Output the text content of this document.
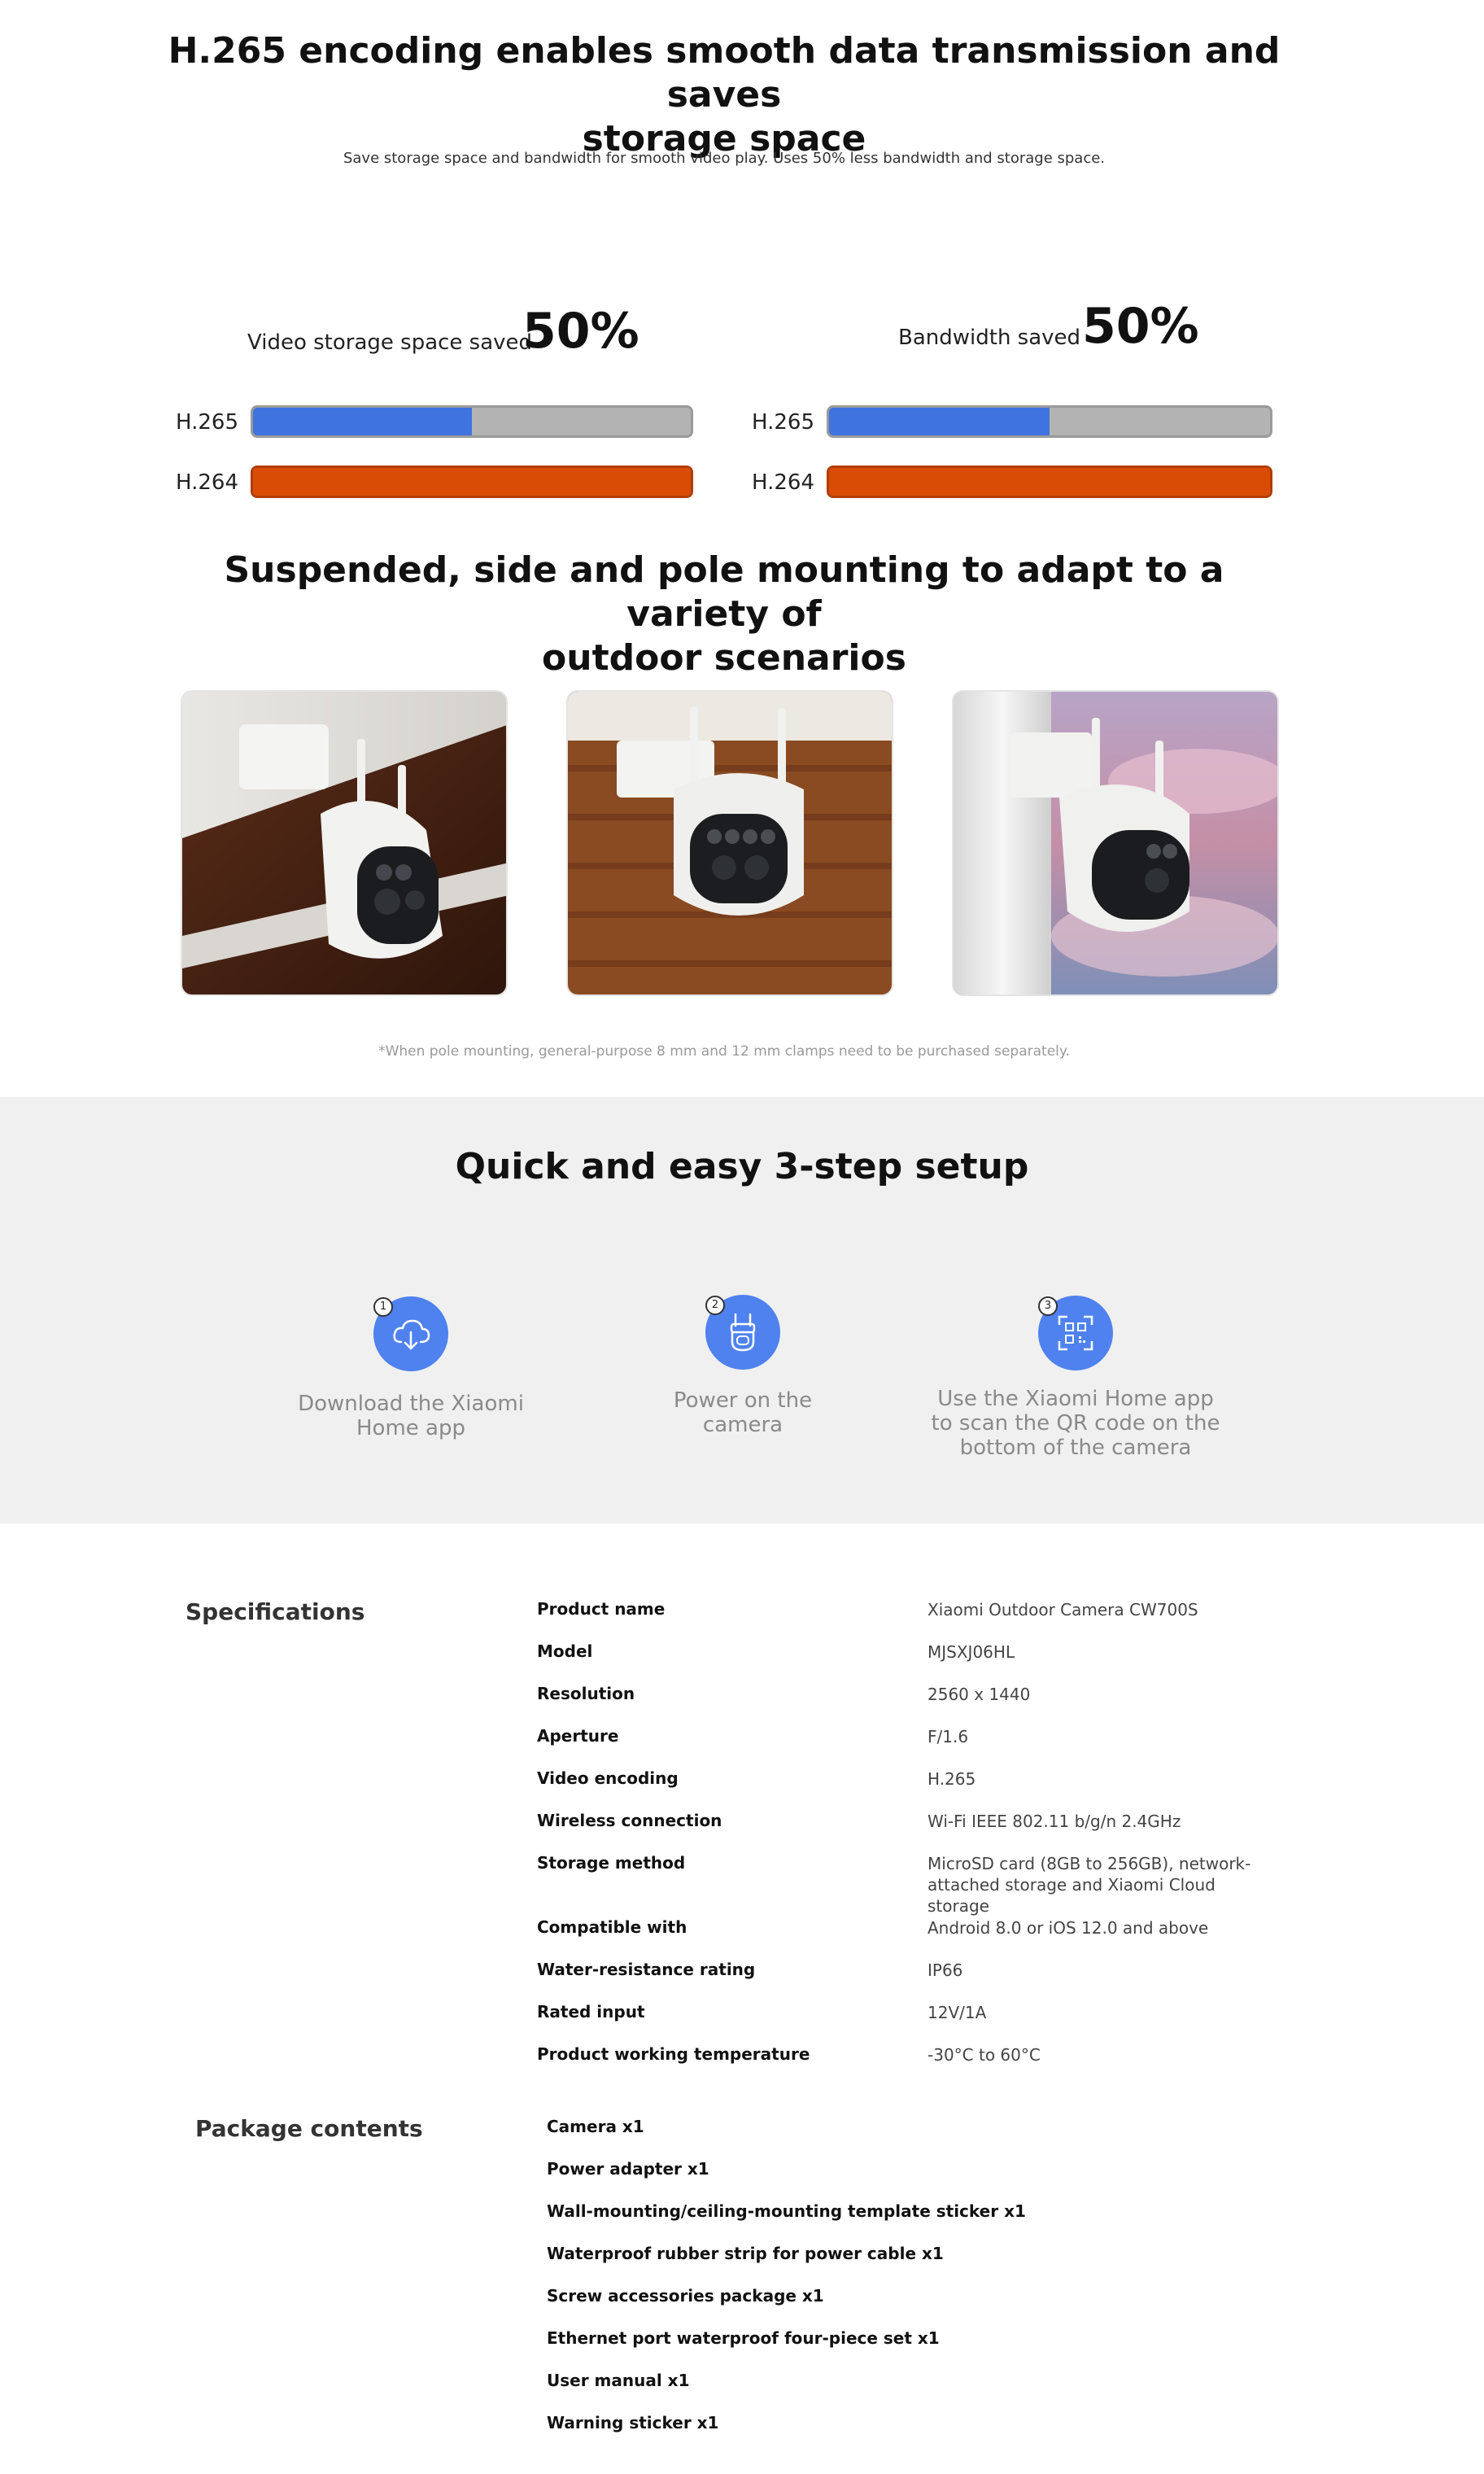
H.265 encoding enables smooth data transmission and saves
storage space
Save storage space and bandwidth for smooth video play. Uses 50% less bandwidth and storage space.
Video storage space saved
50%
H.265
H.264
Bandwidth saved 50%
H.265
H.264
Suspended, side and pole mounting to adapt to a variety of
outdoor scenarios
*When pole mounting, general-purpose 8 mm and 12 mm clamps need to be purchased separately.
Quick and easy 3-step setup
1
Download the Xiaomi
Home app
2
Power on the
camera
3
Use the Xiaomi Home app
to scan the QR code on the
bottom of the camera
Specifications	Product name	Xiaomi Outdoor Camera CW700S
Model	MJSXJ06HL
Resolution	2560 x 1440
Aperture	F/1.6
Video encoding	H.265
Wireless connection	Wi-Fi IEEE 802.11 b/g/n 2.4GHz
Storage method	MicroSD card (8GB to 256GB), network-attached storage and Xiaomi Cloud storage
Compatible with	Android 8.0 or iOS 12.0 and above
Water-resistance rating	IP66
Rated input	12V/1A
Product working temperature	-30°C to 60°C
Package contents	Camera x1
Power adapter x1
Wall-mounting/ceiling-mounting template sticker x1
Waterproof rubber strip for power cable x1
Screw accessories package x1
Ethernet port waterproof four-piece set x1
User manual x1
Warning sticker x1
